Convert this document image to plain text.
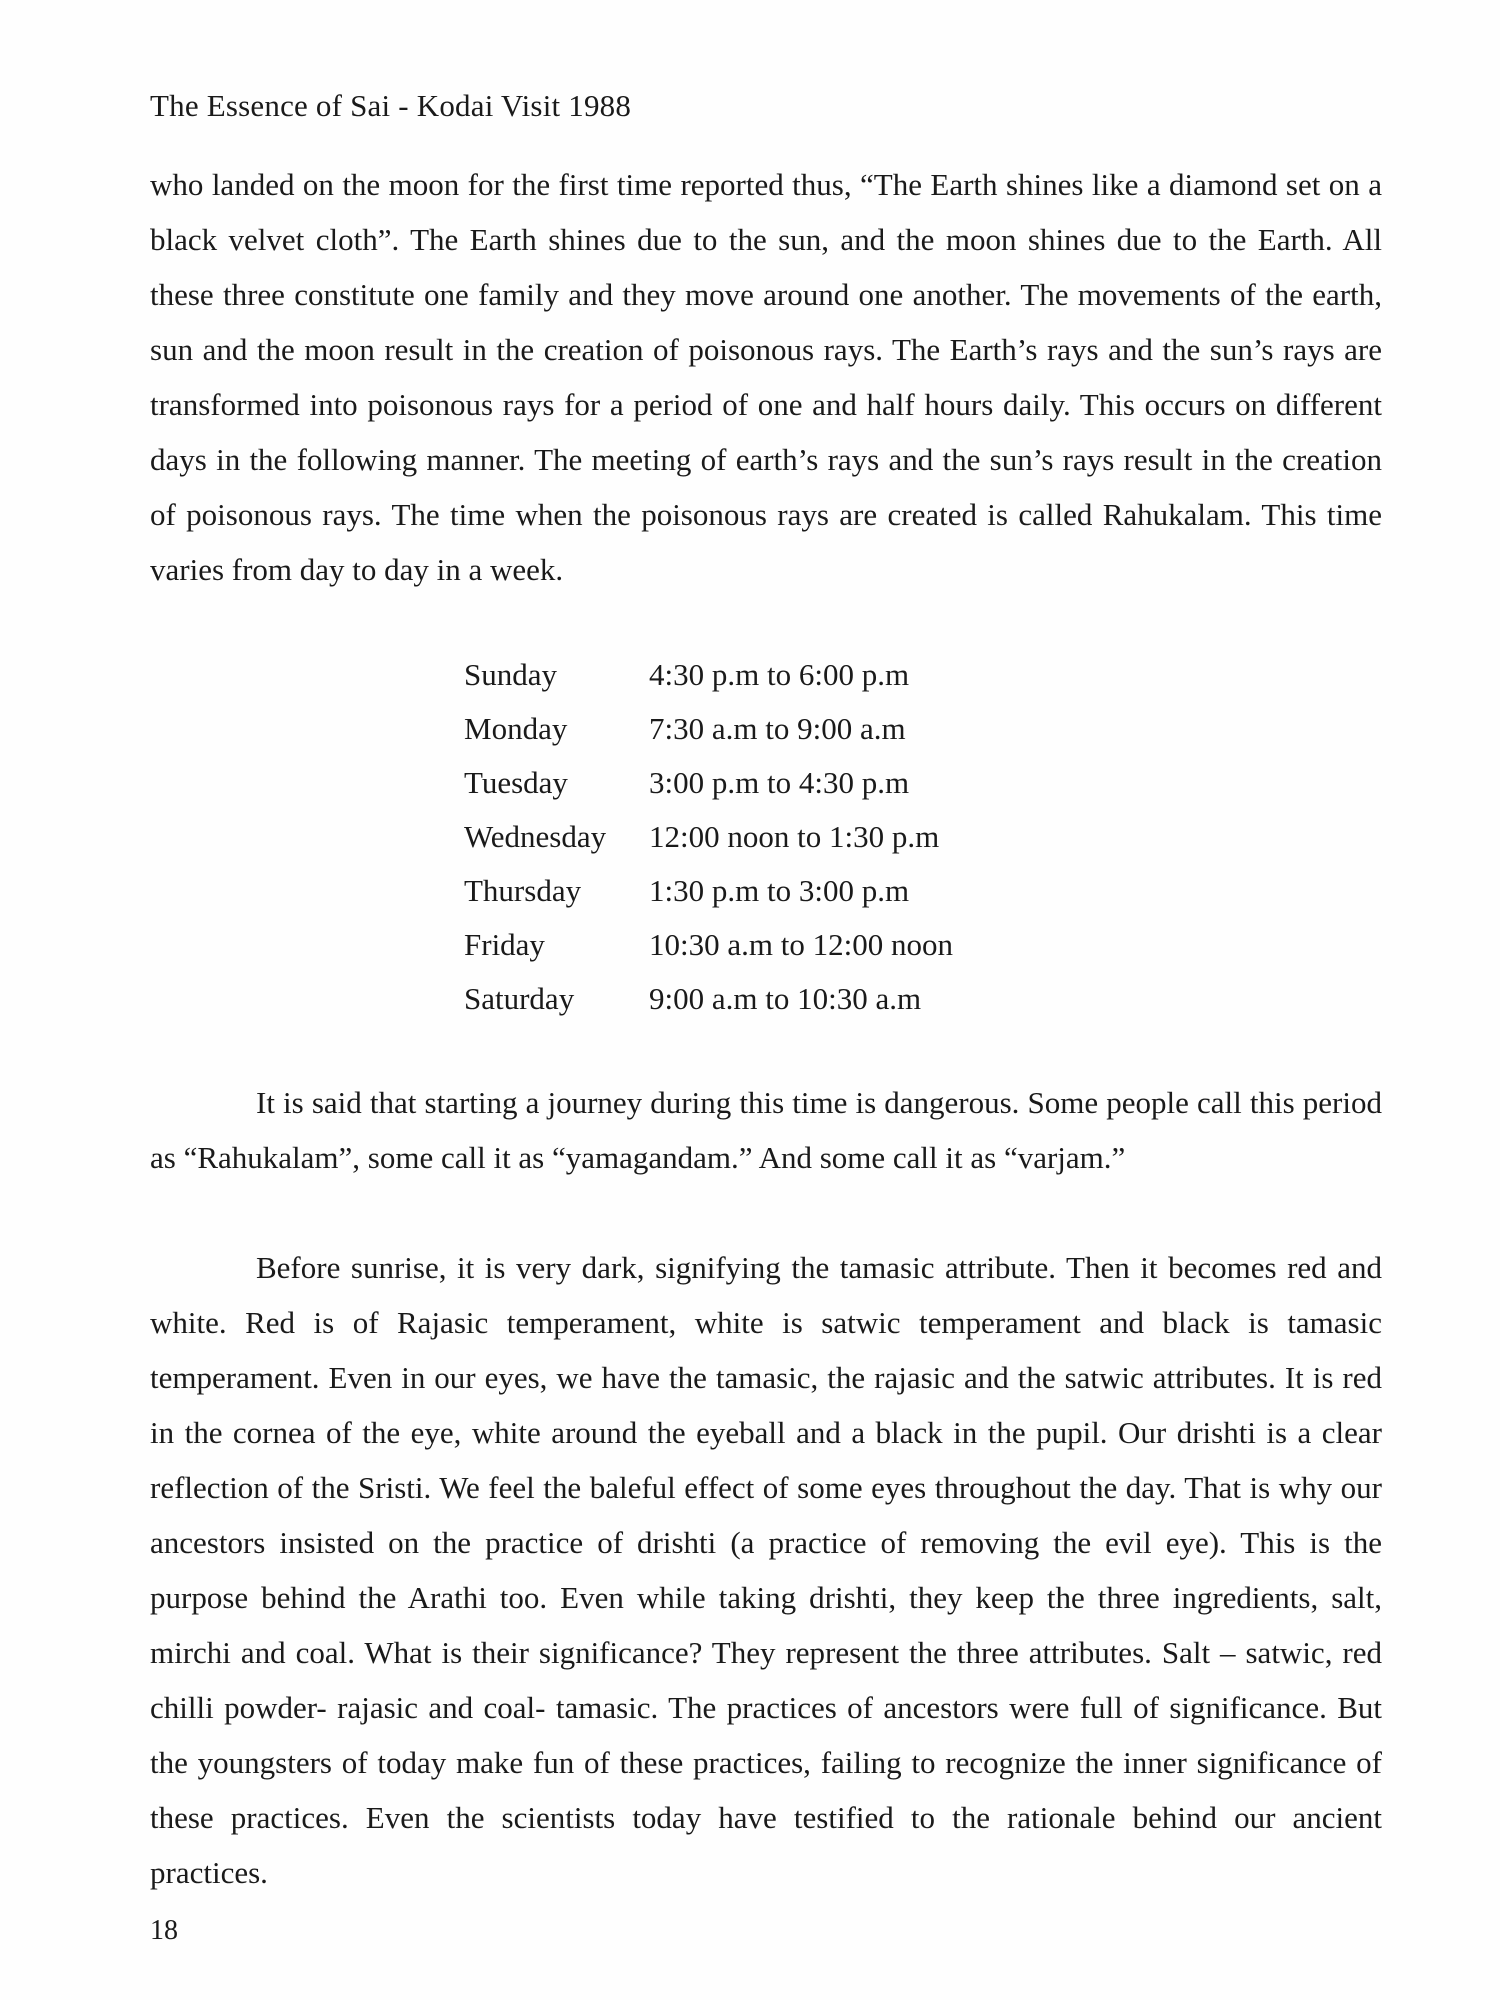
The Essence of Sai - Kodai Visit 1988

who landed on the moon for the first time reported thus, “The Earth shines like a diamond set on a black velvet cloth”. The Earth shines due to the sun, and the moon shines due to the Earth. All these three constitute one family and they move around one another. The movements of the earth, sun and the moon result in the creation of poisonous rays. The Earth’s rays and the sun’s rays are transformed into poisonous rays for a period of one and half hours daily. This occurs on different days in the following manner. The meeting of earth’s rays and the sun’s rays result in the creation of poisonous rays. The time when the poisonous rays are created is called Rahukalam. This time varies from day to day in a week.

Sunday	4:30 p.m to 6:00 p.m
Monday	7:30 a.m to 9:00 a.m
Tuesday	3:00 p.m to 4:30 p.m
Wednesday	12:00 noon to 1:30 p.m
Thursday	1:30 p.m to 3:00 p.m
Friday	10:30 a.m to 12:00 noon
Saturday	9:00 a.m to 10:30 a.m

It is said that starting a journey during this time is dangerous. Some people call this period as “Rahukalam”, some call it as “yamagandam.” And some call it as “varjam.”

Before sunrise, it is very dark, signifying the tamasic attribute. Then it becomes red and white. Red is of Rajasic temperament, white is satwic temperament and black is tamasic temperament. Even in our eyes, we have the tamasic, the rajasic and the satwic attributes. It is red in the cornea of the eye, white around the eyeball and a black in the pupil. Our drishti is a clear reflection of the Sristi. We feel the baleful effect of some eyes throughout the day. That is why our ancestors insisted on the practice of drishti (a practice of removing the evil eye). This is the purpose behind the Arathi too. Even while taking drishti, they keep the three ingredients, salt, mirchi and coal. What is their significance? They represent the three attributes. Salt – satwic, red chilli powder- rajasic and coal- tamasic. The practices of ancestors were full of significance. But the youngsters of today make fun of these practices, failing to recognize the inner significance of these practices. Even the scientists today have testified to the rationale behind our ancient practices.

18
